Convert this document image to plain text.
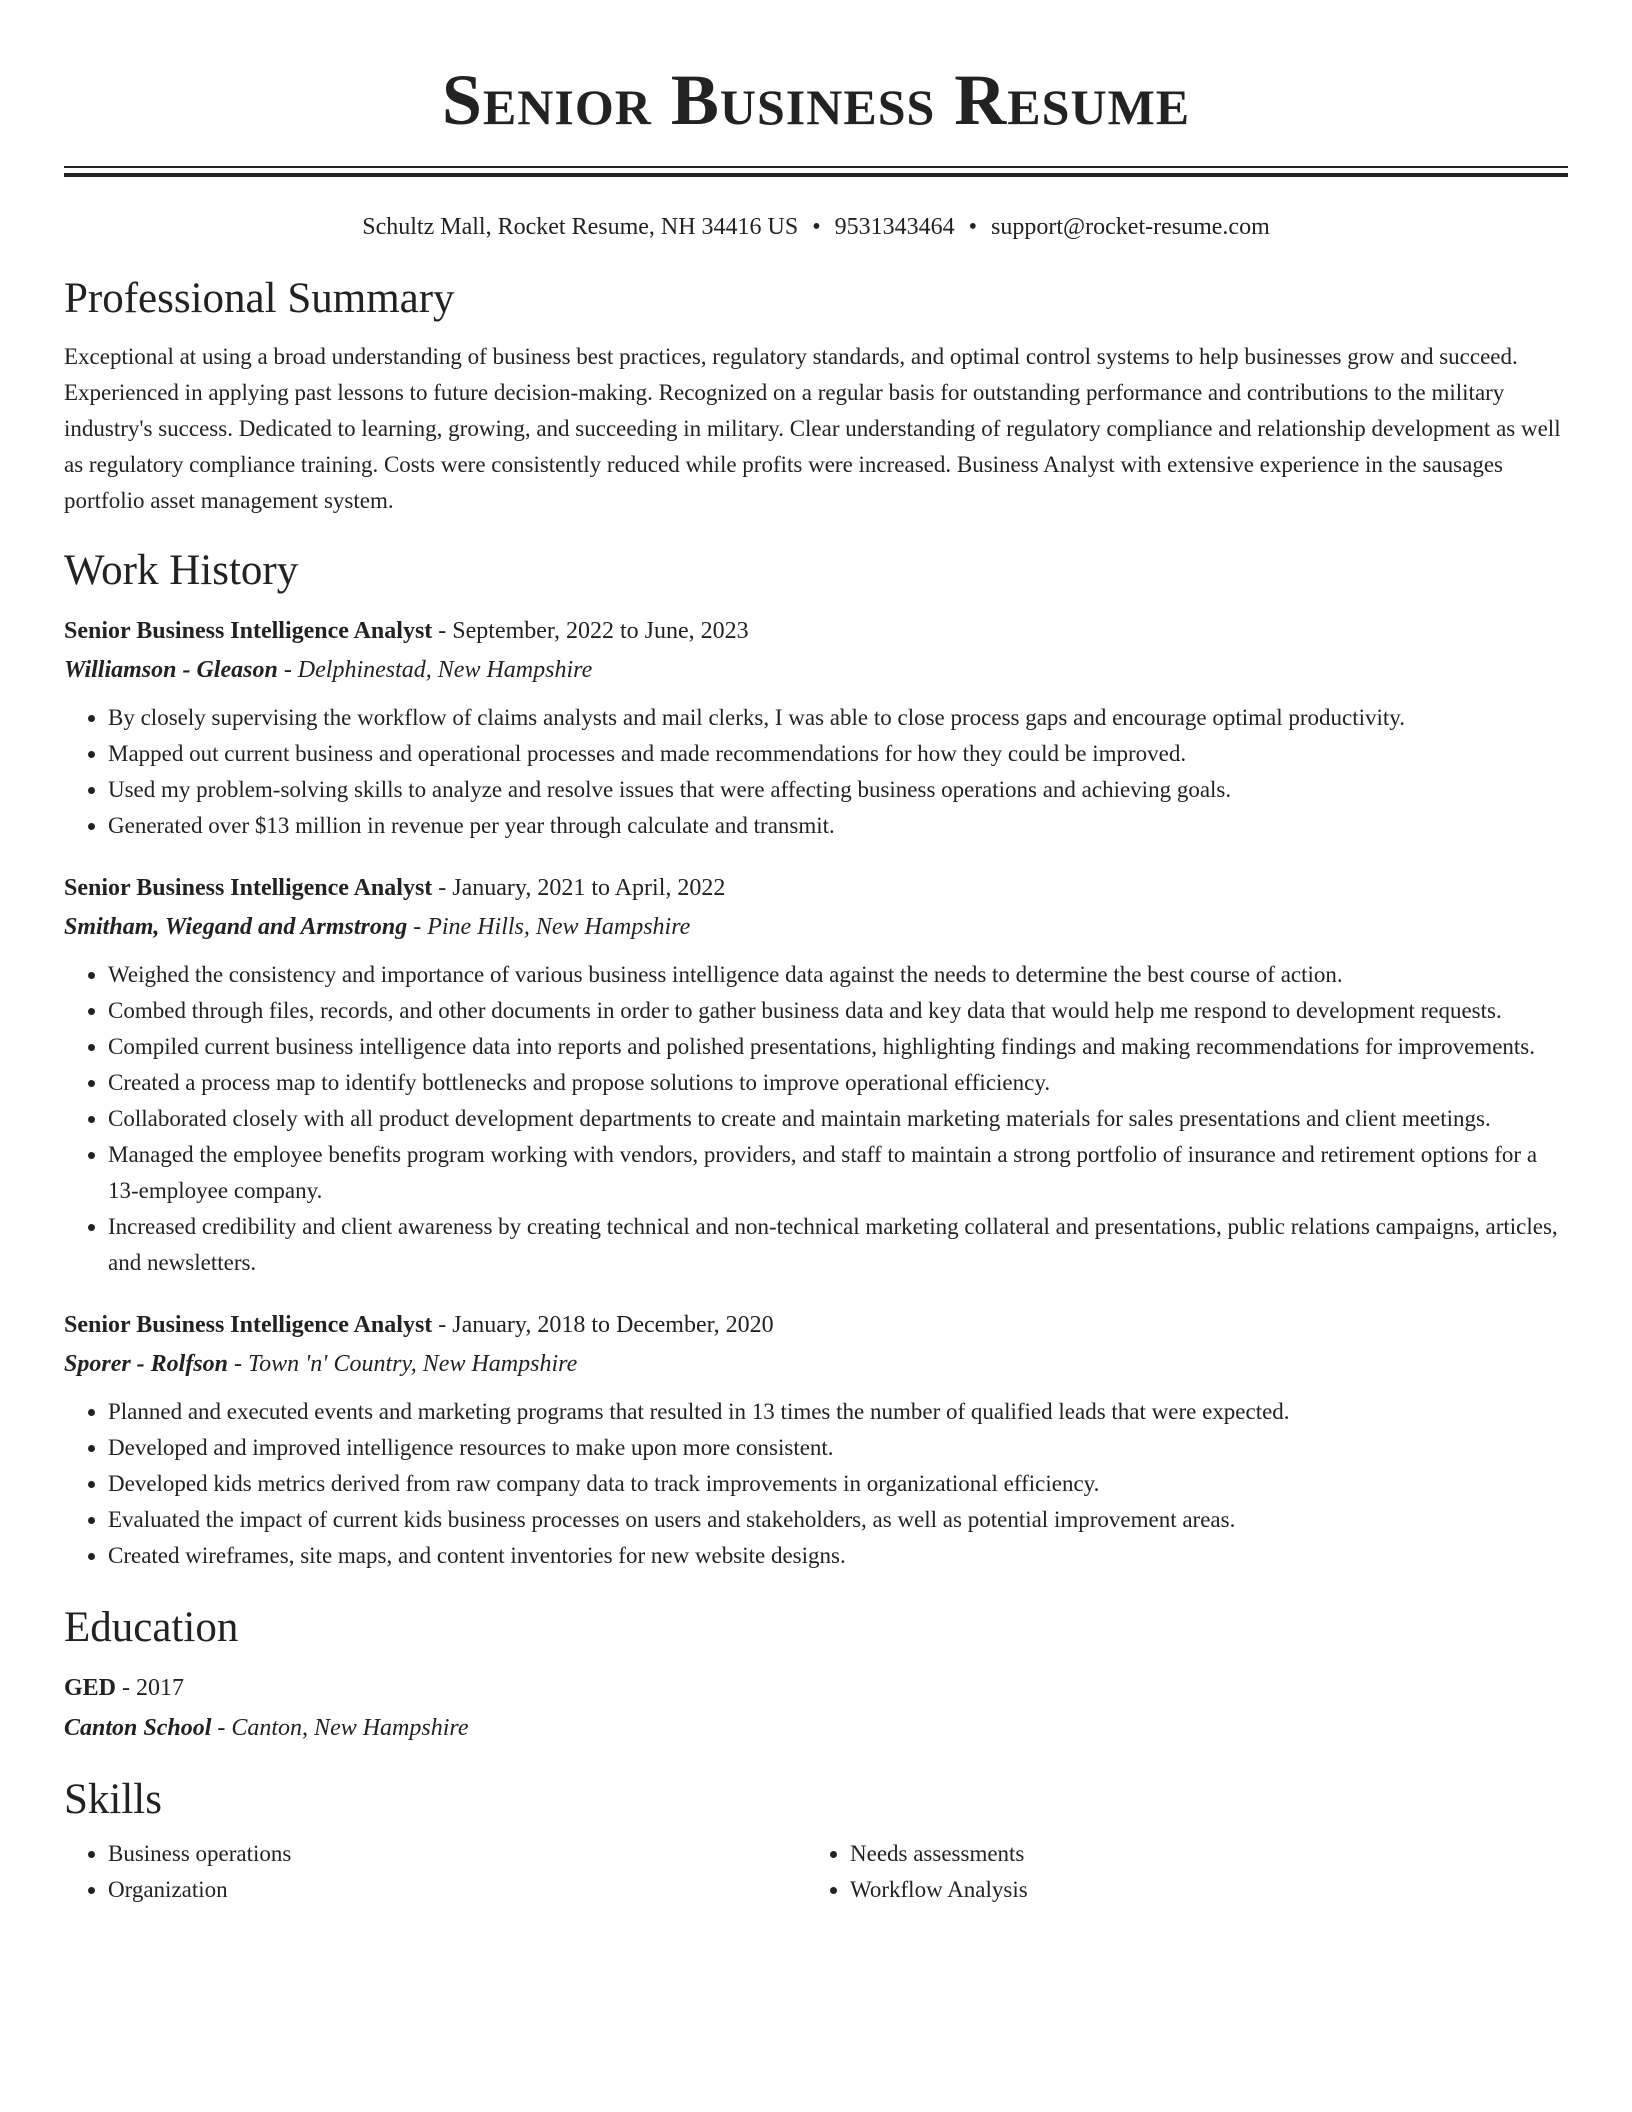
Senior Business Resume
Schultz Mall, Rocket Resume, NH 34416 US • 9531343464 • support@rocket-resume.com
Professional Summary

Exceptional at using a broad understanding of business best practices, regulatory standards, and optimal control systems to help businesses grow and succeed. Experienced in applying past lessons to future decision-making. Recognized on a regular basis for outstanding performance and contributions to the military industry's success. Dedicated to learning, growing, and succeeding in military. Clear understanding of regulatory compliance and relationship development as well as regulatory compliance training. Costs were consistently reduced while profits were increased. Business Analyst with extensive experience in the sausages portfolio asset management system.

Work History

Senior Business Intelligence Analyst - September, 2022 to June, 2023

Williamson - Gleason - Delphinestad, New Hampshire

• By closely supervising the workflow of claims analysts and mail clerks, I was able to close process gaps and encourage optimal productivity.
• Mapped out current business and operational processes and made recommendations for how they could be improved.
• Used my problem-solving skills to analyze and resolve issues that were affecting business operations and achieving goals.
• Generated over $13 million in revenue per year through calculate and transmit.

Senior Business Intelligence Analyst - January, 2021 to April, 2022

Smitham, Wiegand and Armstrong - Pine Hills, New Hampshire

• Weighed the consistency and importance of various business intelligence data against the needs to determine the best course of action.
• Combed through files, records, and other documents in order to gather business data and key data that would help me respond to development requests.
• Compiled current business intelligence data into reports and polished presentations, highlighting findings and making recommendations for improvements.
• Created a process map to identify bottlenecks and propose solutions to improve operational efficiency.
• Collaborated closely with all product development departments to create and maintain marketing materials for sales presentations and client meetings.
• Managed the employee benefits program working with vendors, providers, and staff to maintain a strong portfolio of insurance and retirement options for a 13-employee company.
• Increased credibility and client awareness by creating technical and non-technical marketing collateral and presentations, public relations campaigns, articles, and newsletters.

Senior Business Intelligence Analyst - January, 2018 to December, 2020

Sporer - Rolfson - Town 'n' Country, New Hampshire

• Planned and executed events and marketing programs that resulted in 13 times the number of qualified leads that were expected.
• Developed and improved intelligence resources to make upon more consistent.
• Developed kids metrics derived from raw company data to track improvements in organizational efficiency.
• Evaluated the impact of current kids business processes on users and stakeholders, as well as potential improvement areas.
• Created wireframes, site maps, and content inventories for new website designs.
Education

GED - 2017

Canton School - Canton, New Hampshire

Skills
• Business operations
• Organization
• Needs assessments
• Workflow Analysis
